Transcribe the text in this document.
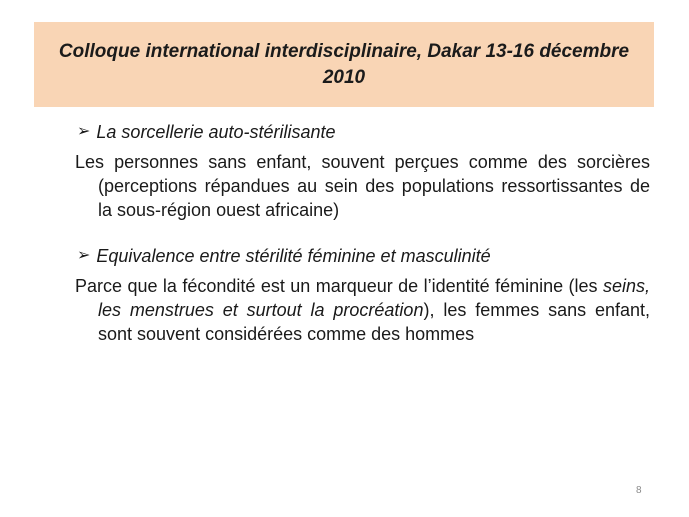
Colloque international interdisciplinaire, Dakar 13-16 décembre 2010
➢ La sorcellerie auto-stérilisante

Les personnes sans enfant, souvent perçues comme des sorcières (perceptions répandues au sein des populations ressortissantes de la sous-région ouest africaine)

➢ Equivalence entre stérilité féminine et masculinité

Parce que la fécondité est un marqueur de l’identité féminine (les seins, les menstrues et surtout la procréation), les femmes sans enfant, sont souvent considérées comme des hommes

8
